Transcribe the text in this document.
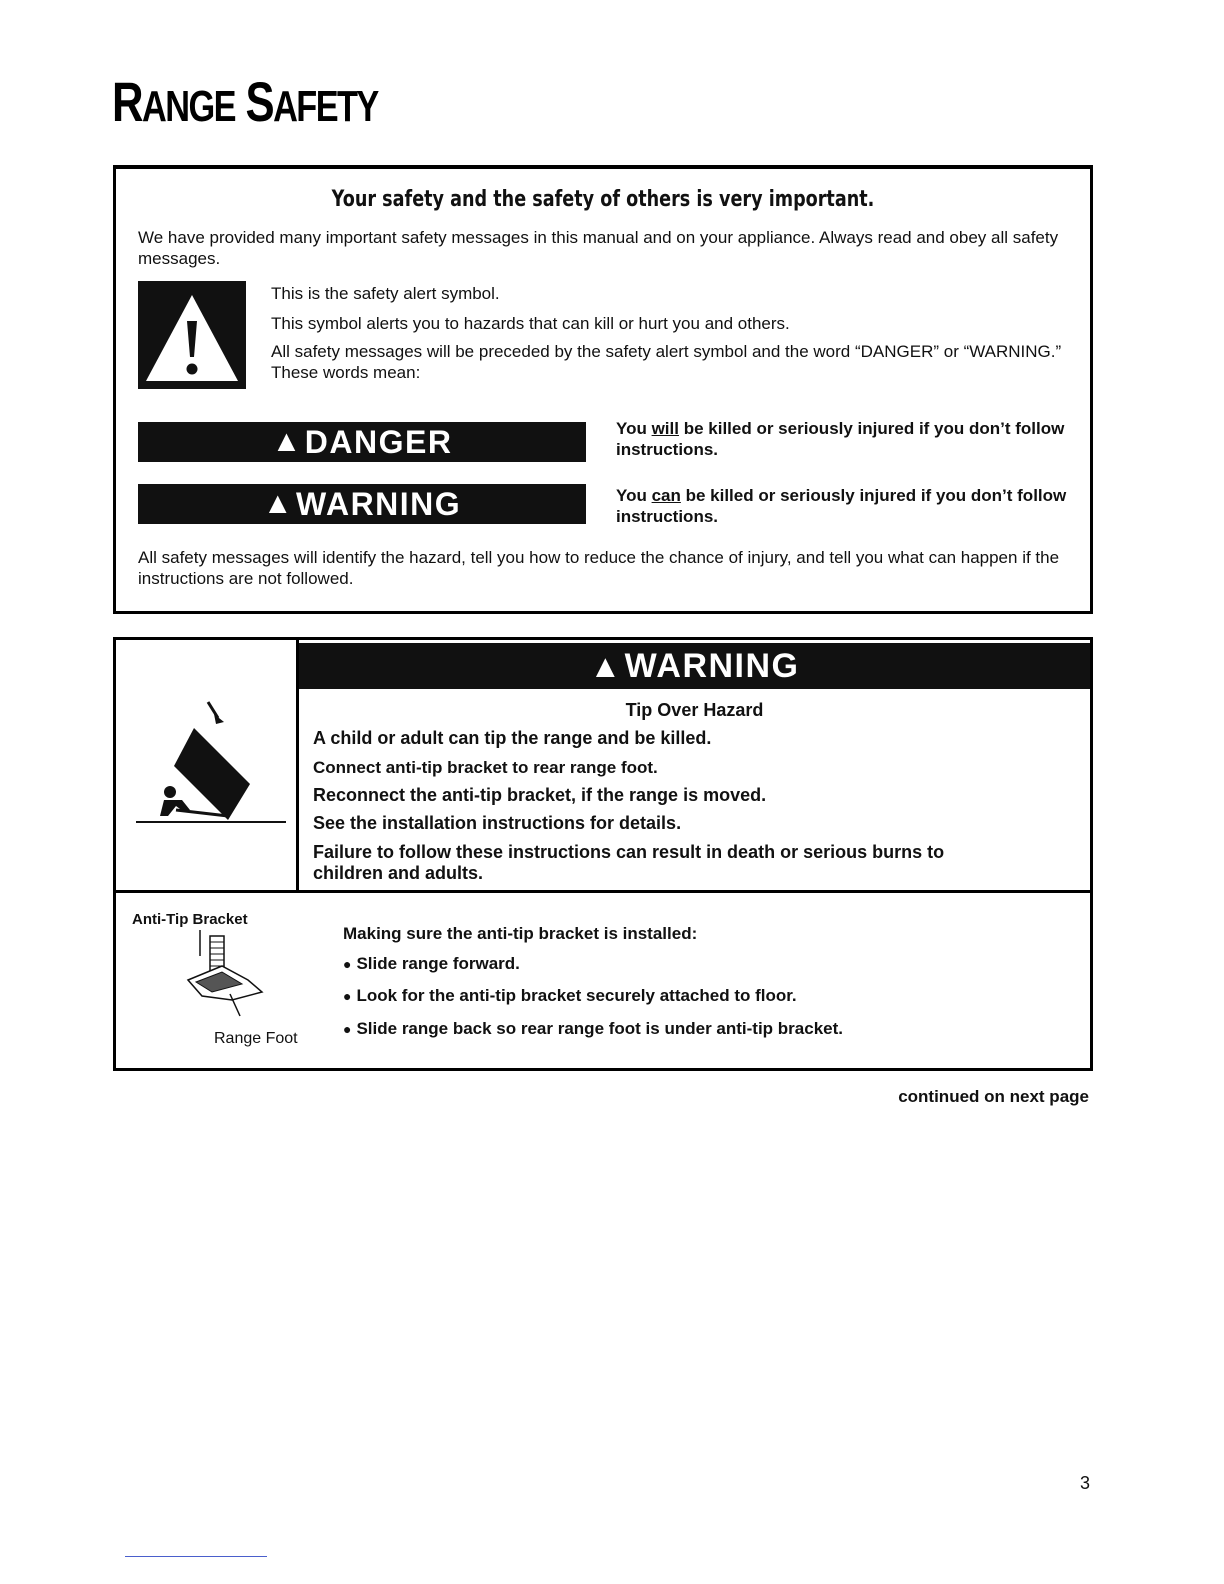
RANGE SAFETY
Your safety and the safety of others is very important.

We have provided many important safety messages in this manual and on your appliance. Always read and obey all safety messages.

This is the safety alert symbol.

This symbol alerts you to hazards that can kill or hurt you and others.

All safety messages will be preceded by the safety alert symbol and the word “DANGER” or “WARNING.” These words mean:

▲ DANGER	You will be killed or seriously injured if you don’t follow instructions.

▲ WARNING	You can be killed or seriously injured if you don’t follow instructions.

All safety messages will identify the hazard, tell you how to reduce the chance of injury, and tell you what can happen if the instructions are not followed.

▲ WARNING

Tip Over Hazard

A child or adult can tip the range and be killed.

Connect anti-tip bracket to rear range foot.

Reconnect the anti-tip bracket, if the range is moved.

See the installation instructions for details.

Failure to follow these instructions can result in death or serious burns to children and adults.

Anti-Tip Bracket

Range Foot

Making sure the anti-tip bracket is installed:

● Slide range forward.

● Look for the anti-tip bracket securely attached to floor.

● Slide range back so rear range foot is under anti-tip bracket.

continued on next page

3
